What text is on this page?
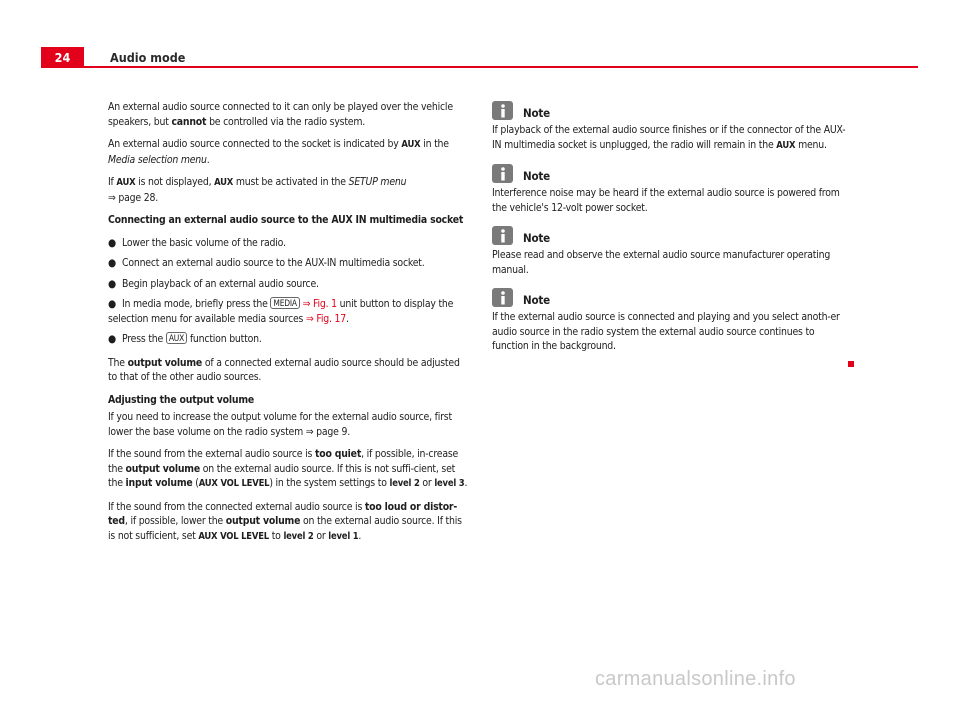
24	Audio mode

An external audio source connected to it can only be played over the vehicle speakers, but cannot be controlled via the radio system.

An external audio source connected to the socket is indicated by AUX in the Media selection menu.

If AUX is not displayed, AUX must be activated in the SETUP menu
⇒ page 28.

Connecting an external audio source to the AUX IN multimedia socket

● Lower the basic volume of the radio.
● Connect an external audio source to the AUX-IN multimedia socket.
● Begin playback of an external audio source.
● In media mode, briefly press the MEDIA ⇒ Fig. 1 unit button to display the selection menu for available media sources ⇒ Fig. 17.
● Press the AUX function button.

The output volume of a connected external audio source should be adjusted to that of the other audio sources.

Adjusting the output volume

If you need to increase the output volume for the external audio source, first lower the base volume on the radio system ⇒ page 9.

If the sound from the external audio source is too quiet, if possible, in-crease the output volume on the external audio source. If this is not suffi-cient, set the input volume (AUX VOL LEVEL) in the system settings to level 2 or level 3.

If the sound from the connected external audio source is too loud or distor-ted, if possible, lower the output volume on the external audio source. If this is not sufficient, set AUX VOL LEVEL to level 2 or level 1.

Note

If playback of the external audio source finishes or if the connector of the AUX-IN multimedia socket is unplugged, the radio will remain in the AUX menu.

Note

Interference noise may be heard if the external audio source is powered from the vehicle's 12-volt power socket.

Note

Please read and observe the external audio source manufacturer operating manual.

Note

If the external audio source is connected and playing and you select anoth-er audio source in the radio system the external audio source continues to function in the background.

carmanualsonline.info
